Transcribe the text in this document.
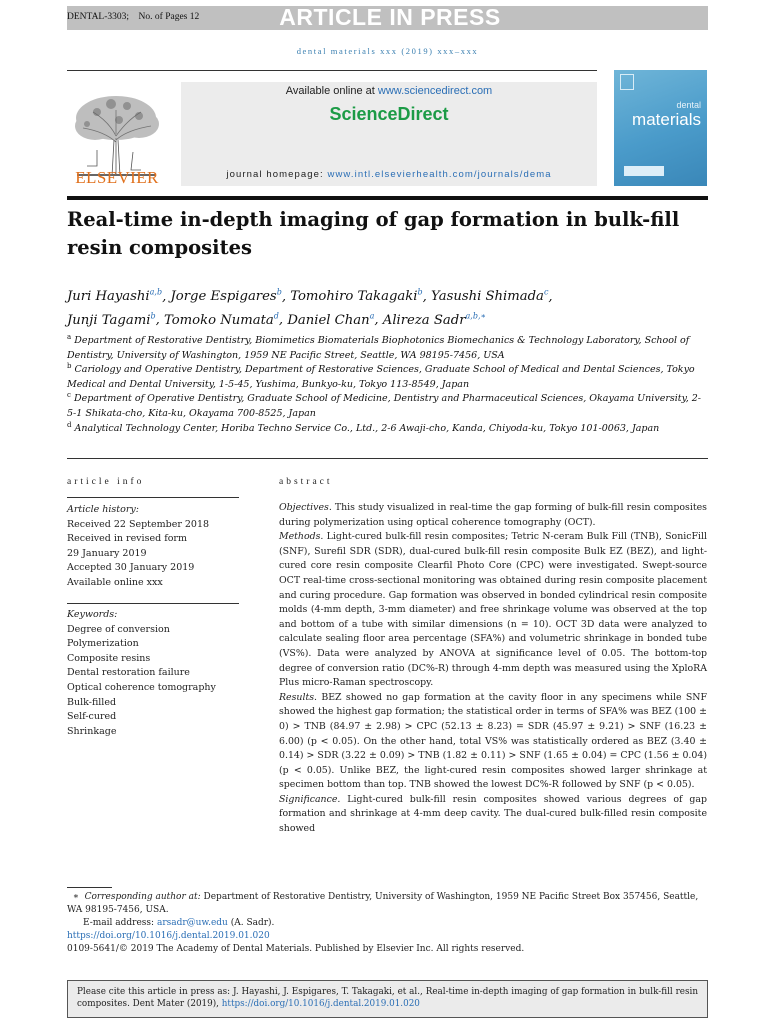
DENTAL-3303; No. of Pages 12	ARTICLE IN PRESS
dental materials xxx (2019) xxx–xxx
ELSEVIER
Available online at www.sciencedirect.com
ScienceDirect
journal homepage: www.intl.elsevierhealth.com/journals/dema
dental
materials
Real-time in-depth imaging of gap formation in bulk-fill resin composites
Juri Hayashi$^{a,b}$, Jorge Espigares$^b$, Tomohiro Takagaki$^b$, Yasushi Shimada$^c$,
Junji Tagami$^b$, Tomoko Numata$^d$, Daniel Chan$^a$, Alireza Sadr$^{a,b,∗}$
$^a$ Department of Restorative Dentistry, Biomimetics Biomaterials Biophotonics Biomechanics & Technology Laboratory, School of Dentistry, University of Washington, 1959 NE Pacific Street, Seattle, WA 98195-7456, USA
$^b$ Cariology and Operative Dentistry, Department of Restorative Sciences, Graduate School of Medical and Dental Sciences, Tokyo Medical and Dental University, 1-5-45, Yushima, Bunkyo-ku, Tokyo 113-8549, Japan
$^c$ Department of Operative Dentistry, Graduate School of Medicine, Dentistry and Pharmaceutical Sciences, Okayama University, 2-5-1 Shikata-cho, Kita-ku, Okayama 700-8525, Japan
$^d$ Analytical Technology Center, Horiba Techno Service Co., Ltd., 2-6 Awaji-cho, Kanda, Chiyoda-ku, Tokyo 101-0063, Japan
article info
Article history:
Received 22 September 2018
Received in revised form
29 January 2019
Accepted 30 January 2019
Available online xxx
Keywords:
Degree of conversion
Polymerization
Composite resins
Dental restoration failure
Optical coherence tomography
Bulk-filled
Self-cured
Shrinkage
abstract

Objectives. This study visualized in real-time the gap forming of bulk-fill resin composites during polymerization using optical coherence tomography (OCT).

Methods. Light-cured bulk-fill resin composites; Tetric N-ceram Bulk Fill (TNB), SonicFill (SNF), Surefil SDR (SDR), dual-cured bulk-fill resin composite Bulk EZ (BEZ), and light-cured core resin composite Clearfil Photo Core (CPC) were investigated. Swept-source OCT real-time cross-sectional monitoring was obtained during resin composite placement and curing procedure. Gap formation was observed in bonded cylindrical resin composite molds (4-mm depth, 3-mm diameter) and free shrinkage volume was observed at the top and bottom of a tube with similar dimensions (n = 10). OCT 3D data were analyzed to calculate sealing floor area percentage (SFA%) and volumetric shrinkage in bonded tube (VS%). Data were analyzed by ANOVA at significance level of 0.05. The bottom-top degree of conversion ratio (DC%-R) through 4-mm depth was measured using the XploRA Plus micro-Raman spectroscopy.

Results. BEZ showed no gap formation at the cavity floor in any specimens while SNF showed the highest gap formation; the statistical order in terms of SFA% was BEZ (100 ± 0) > TNB (84.97 ± 2.98) > CPC (52.13 ± 8.23) = SDR (45.97 ± 9.21) > SNF (16.23 ± 6.00) (p < 0.05). On the other hand, total VS% was statistically ordered as BEZ (3.40 ± 0.14) > SDR (3.22 ± 0.09) > TNB (1.82 ± 0.11) > SNF (1.65 ± 0.04) = CPC (1.56 ± 0.04) (p < 0.05). Unlike BEZ, the light-cured resin composites showed larger shrinkage at specimen bottom than top. TNB showed the lowest DC%-R followed by SNF (p < 0.05).

Significance. Light-cured bulk-fill resin composites showed various degrees of gap formation and shrinkage at 4-mm deep cavity. The dual-cured bulk-filled resin composite showed

∗ Corresponding author at: Department of Restorative Dentistry, University of Washington, 1959 NE Pacific Street Box 357456, Seattle, WA 98195-7456, USA.
E-mail address: arsadr@uw.edu (A. Sadr).
https://doi.org/10.1016/j.dental.2019.01.020
0109-5641/© 2019 The Academy of Dental Materials. Published by Elsevier Inc. All rights reserved.
Please cite this article in press as: J. Hayashi, J. Espigares, T. Takagaki, et al., Real-time in-depth imaging of gap formation in bulk-fill resin composites. Dent Mater (2019), https://doi.org/10.1016/j.dental.2019.01.020
